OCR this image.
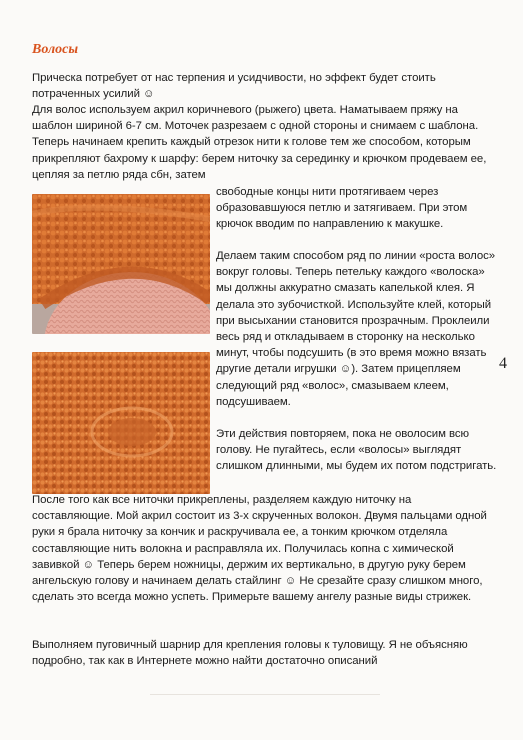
Волосы

Прическа потребует от нас терпения и усидчивости, но эффект будет стоить
потраченных усилий ☺

Для волос используем акрил коричневого (рыжего) цвета. Наматываем пряжу на шаблон шириной 6-7 см. Моточек разрезаем с одной стороны и снимаем с шаблона. Теперь начинаем крепить каждый отрезок нити к голове тем же способом, которым прикрепляют бахрому к шарфу: берем ниточку за серединку и крючком продеваем ее, цепляя за петлю ряда сбн, затем

свободные концы нити протягиваем через образовавшуюся петлю и затягиваем. При этом крючок вводим по направлению к макушке.

Делаем таким способом ряд по линии «роста волос» вокруг головы. Теперь петельку каждого «волоска» мы должны аккуратно смазать капелькой клея. Я делала это зубочисткой. Используйте клей, который при высыхании становится прозрачным. Проклеили весь ряд и откладываем в сторонку на несколько минут, чтобы подсушить (в это время можно вязать другие детали игрушки ☺). Затем прицепляем следующий ряд «волос», смазываем клеем, подсушиваем.

Эти действия повторяем, пока не оволосим всю голову. Не пугайтесь, если «волосы» выглядят слишком длинными, мы будем их потом подстригать.

После того как все ниточки прикреплены, разделяем каждую ниточку на составляющие. Мой акрил состоит из 3-х скрученных волокон. Двумя пальцами одной руки я брала ниточку за кончик и раскручивала ее, а тонким крючком отделяла составляющие нить волокна и расправляла их. Получилась копна с химической завивкой ☺ Теперь берем ножницы, держим их вертикально, в другую руку берем ангельскую голову и начинаем делать стайлинг ☺ Не срезайте сразу слишком много, сделать это всегда можно успеть. Примерьте вашему ангелу разные виды стрижек.

Выполняем пуговичный шарнир для крепления головы к туловищу. Я не объясняю подробно, так как в Интернете можно найти достаточно описаний

4
